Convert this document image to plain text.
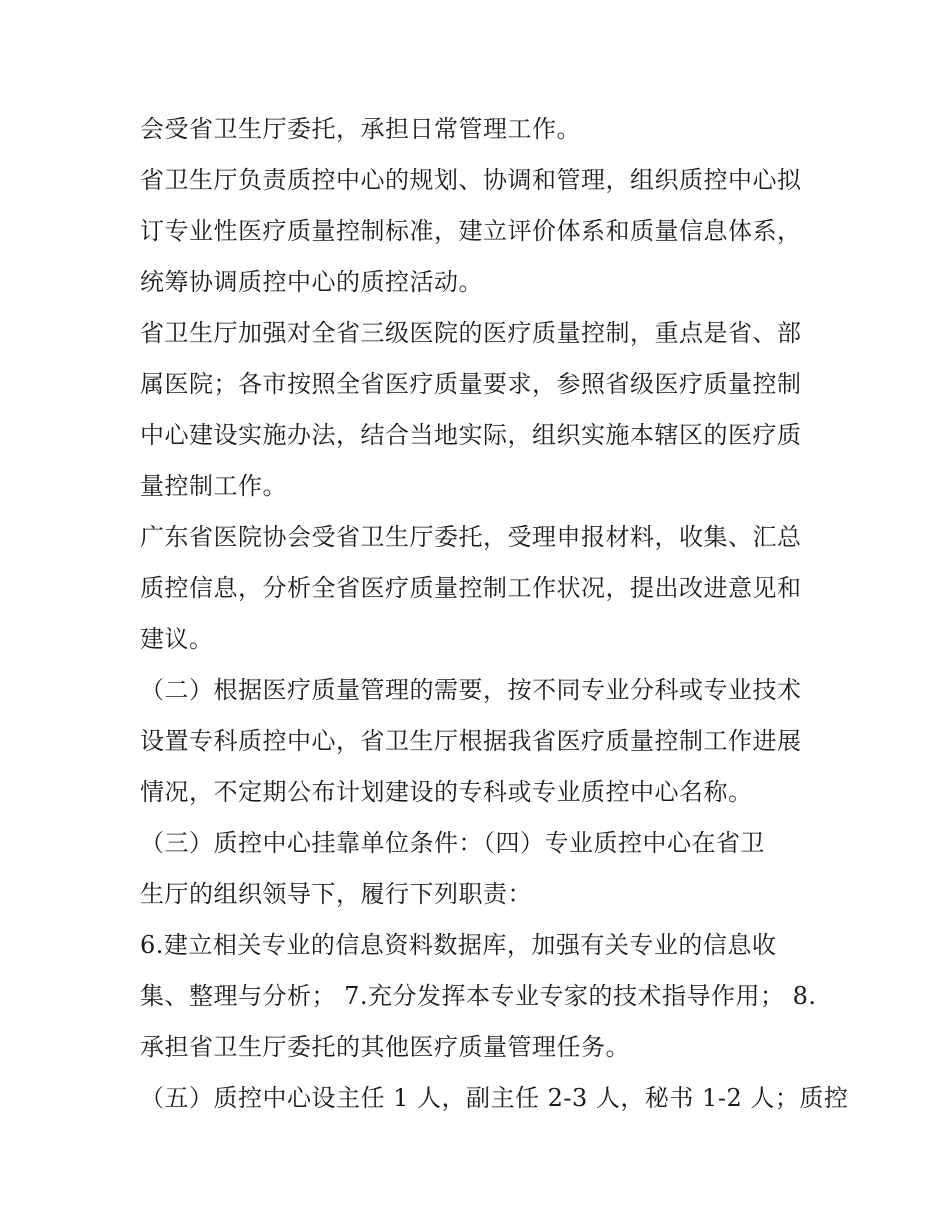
会受省卫生厅委托，承担日常管理工作。
省卫生厅负责质控中心的规划、协调和管理，组织质控中心拟
订专业性医疗质量控制标准，建立评价体系和质量信息体系，
统筹协调质控中心的质控活动。
省卫生厅加强对全省三级医院的医疗质量控制，重点是省、部
属医院；各市按照全省医疗质量要求，参照省级医疗质量控制
中心建设实施办法，结合当地实际，组织实施本辖区的医疗质
量控制工作。
广东省医院协会受省卫生厅委托，受理申报材料，收集、汇总
质控信息，分析全省医疗质量控制工作状况，提出改进意见和
建议。
（二）根据医疗质量管理的需要，按不同专业分科或专业技术
设置专科质控中心，省卫生厅根据我省医疗质量控制工作进展
情况，不定期公布计划建设的专科或专业质控中心名称。
（三）质控中心挂靠单位条件：（四）专业质控中心在省卫
生厅的组织领导下，履行下列职责：
6.建立相关专业的信息资料数据库，加强有关专业的信息收
集、整理与分析； 7.充分发挥本专业专家的技术指导作用； 8.
承担省卫生厅委托的其他医疗质量管理任务。
（五）质控中心设主任 1 人，副主任 2-3 人，秘书 1-2 人；质控
